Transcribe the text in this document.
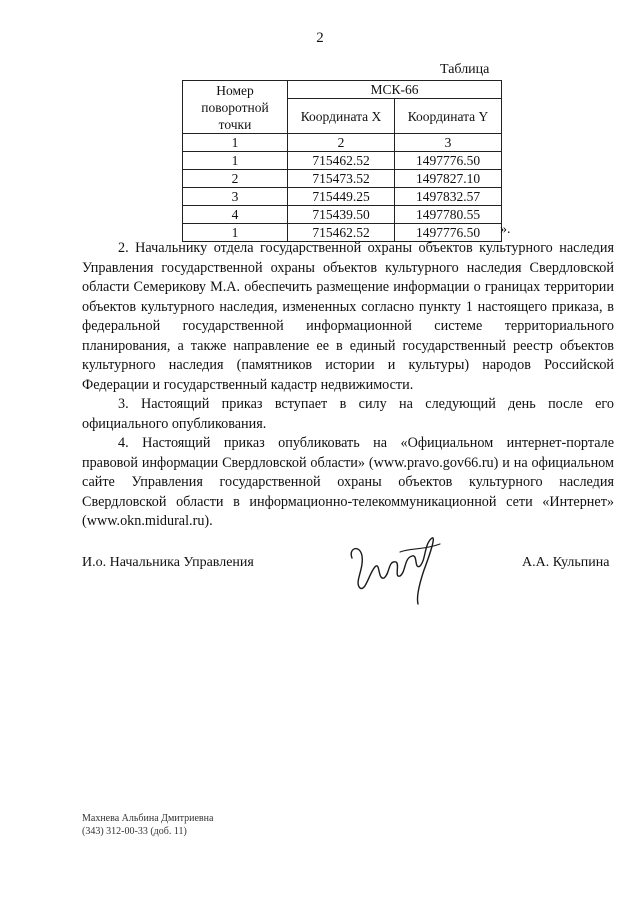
2
Таблица
Номер поворотной точки	МСК-66	
	Координата X	Координата Y
1	2	3
1	715462.52	1497776.50
2	715473.52	1497827.10
3	715449.25	1497832.57
4	715439.50	1497780.55
1	715462.52	1497776.50 ».

2. Начальнику отдела государственной охраны объектов культурного наследия Управления государственной охраны объектов культурного наследия Свердловской области Семерикову М.А. обеспечить размещение информации о границах территории объектов культурного наследия, измененных согласно пункту 1 настоящего приказа, в федеральной государственной информационной системе территориального планирования, а также направление ее в единый государственный реестр объектов культурного наследия (памятников истории и культуры) народов Российской Федерации и государственный кадастр недвижимости.

3. Настоящий приказ вступает в силу на следующий день после его официального опубликования.

4. Настоящий приказ опубликовать на «Официальном интернет-портале правовой информации Свердловской области» (www.pravo.gov66.ru) и на официальном сайте Управления государственной охраны объектов культурного наследия Свердловской области в информационно-телекоммуникационной сети «Интернет» (www.okn.midural.ru).

И.о. Начальника Управления	А.А. Кульпина
Махнева Альбина Дмитриевна
(343) 312-00-33 (доб. 11)
